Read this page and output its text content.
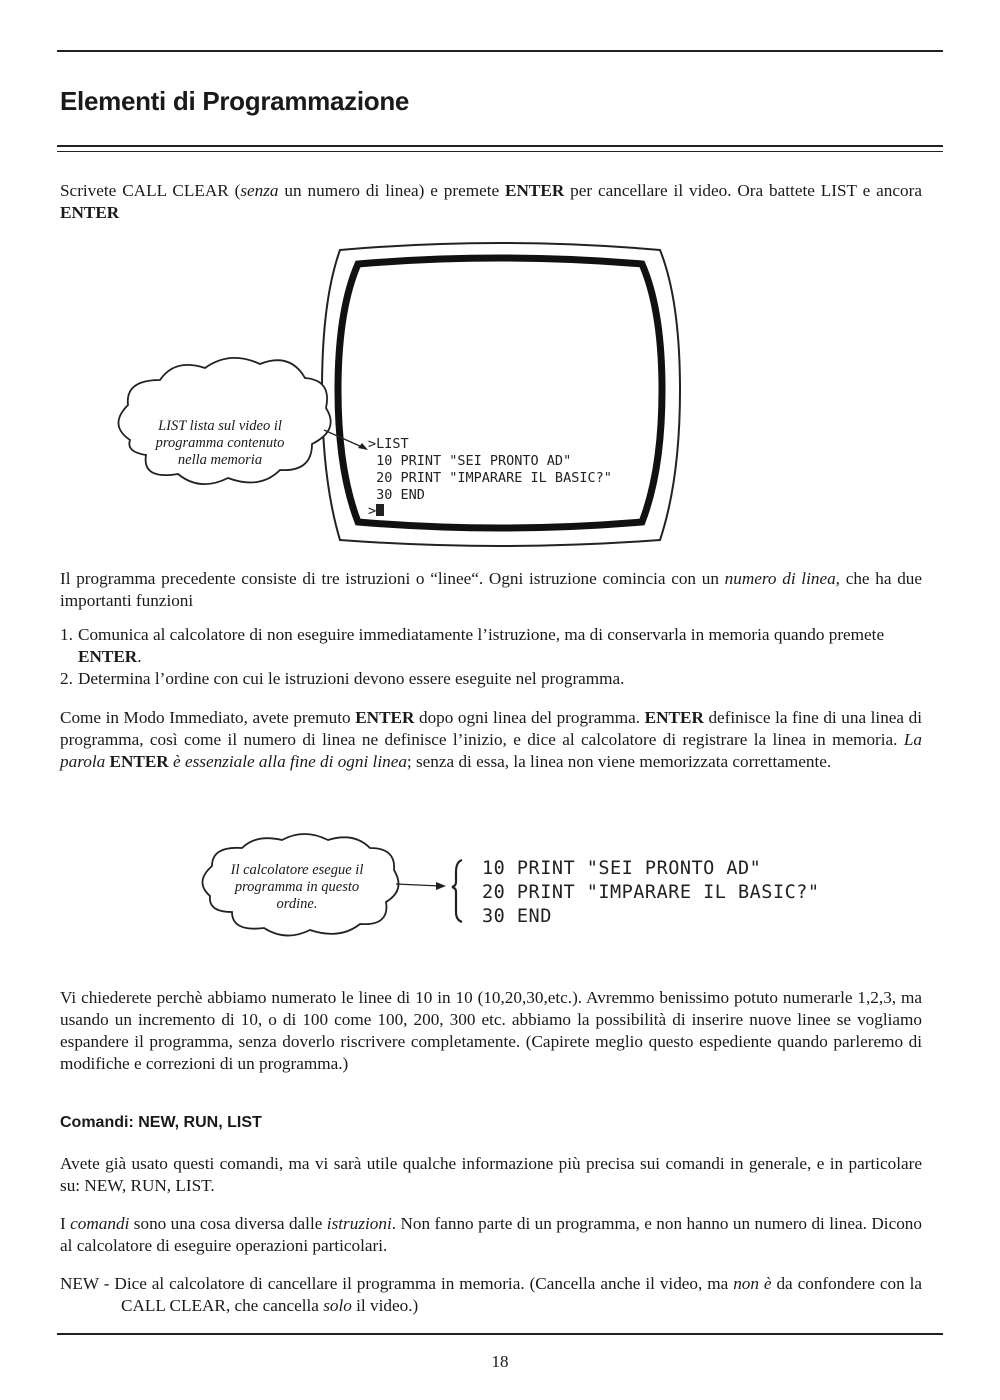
Elementi di Programmazione

Scrivete CALL CLEAR (senza un numero di linea) e premete ENTER per cancellare il video. Ora battete LIST e ancora ENTER

LIST lista sul video il programma contenuto nella memoria
>LIST
10 PRINT "SEI PRONTO AD"
20 PRINT "IMPARARE IL BASIC?"
30 END
>

Il programma precedente consiste di tre istruzioni o “linee“. Ogni istruzione comincia con un numero di linea, che ha due importanti funzioni

1. Comunica al calcolatore di non eseguire immediatamente l’istruzione, ma di conservarla in memoria quando premete ENTER.
2. Determina l’ordine con cui le istruzioni devono essere eseguite nel programma.

Come in Modo Immediato, avete premuto ENTER dopo ogni linea del programma. ENTER definisce la fine di una linea di programma, così come il numero di linea ne definisce l’inizio, e dice al calcolatore di registrare la linea in memoria. La parola ENTER è essenziale alla fine di ogni linea; senza di essa, la linea non viene memorizzata correttamente.

Il calcolatore esegue il programma in questo ordine.
10 PRINT "SEI PRONTO AD"
20 PRINT "IMPARARE IL BASIC?"
30 END

Vi chiederete perchè abbiamo numerato le linee di 10 in 10 (10,20,30,etc.). Avremmo benissimo potuto numerarle 1,2,3, ma usando un incremento di 10, o di 100 come 100, 200, 300 etc. abbiamo la possibilità di inserire nuove linee se vogliamo espandere il programma, senza doverlo riscrivere completamente. (Capirete meglio questo espediente quando parleremo di modifiche e correzioni di un programma.)

Comandi: NEW, RUN, LIST

Avete già usato questi comandi, ma vi sarà utile qualche informazione più precisa sui comandi in generale, e in particolare su: NEW, RUN, LIST.

I comandi sono una cosa diversa dalle istruzioni. Non fanno parte di un programma, e non hanno un numero di linea. Dicono al calcolatore di eseguire operazioni particolari.

NEW - Dice al calcolatore di cancellare il programma in memoria. (Cancella anche il video, ma non è da confondere con la CALL CLEAR, che cancella solo il video.)
18
